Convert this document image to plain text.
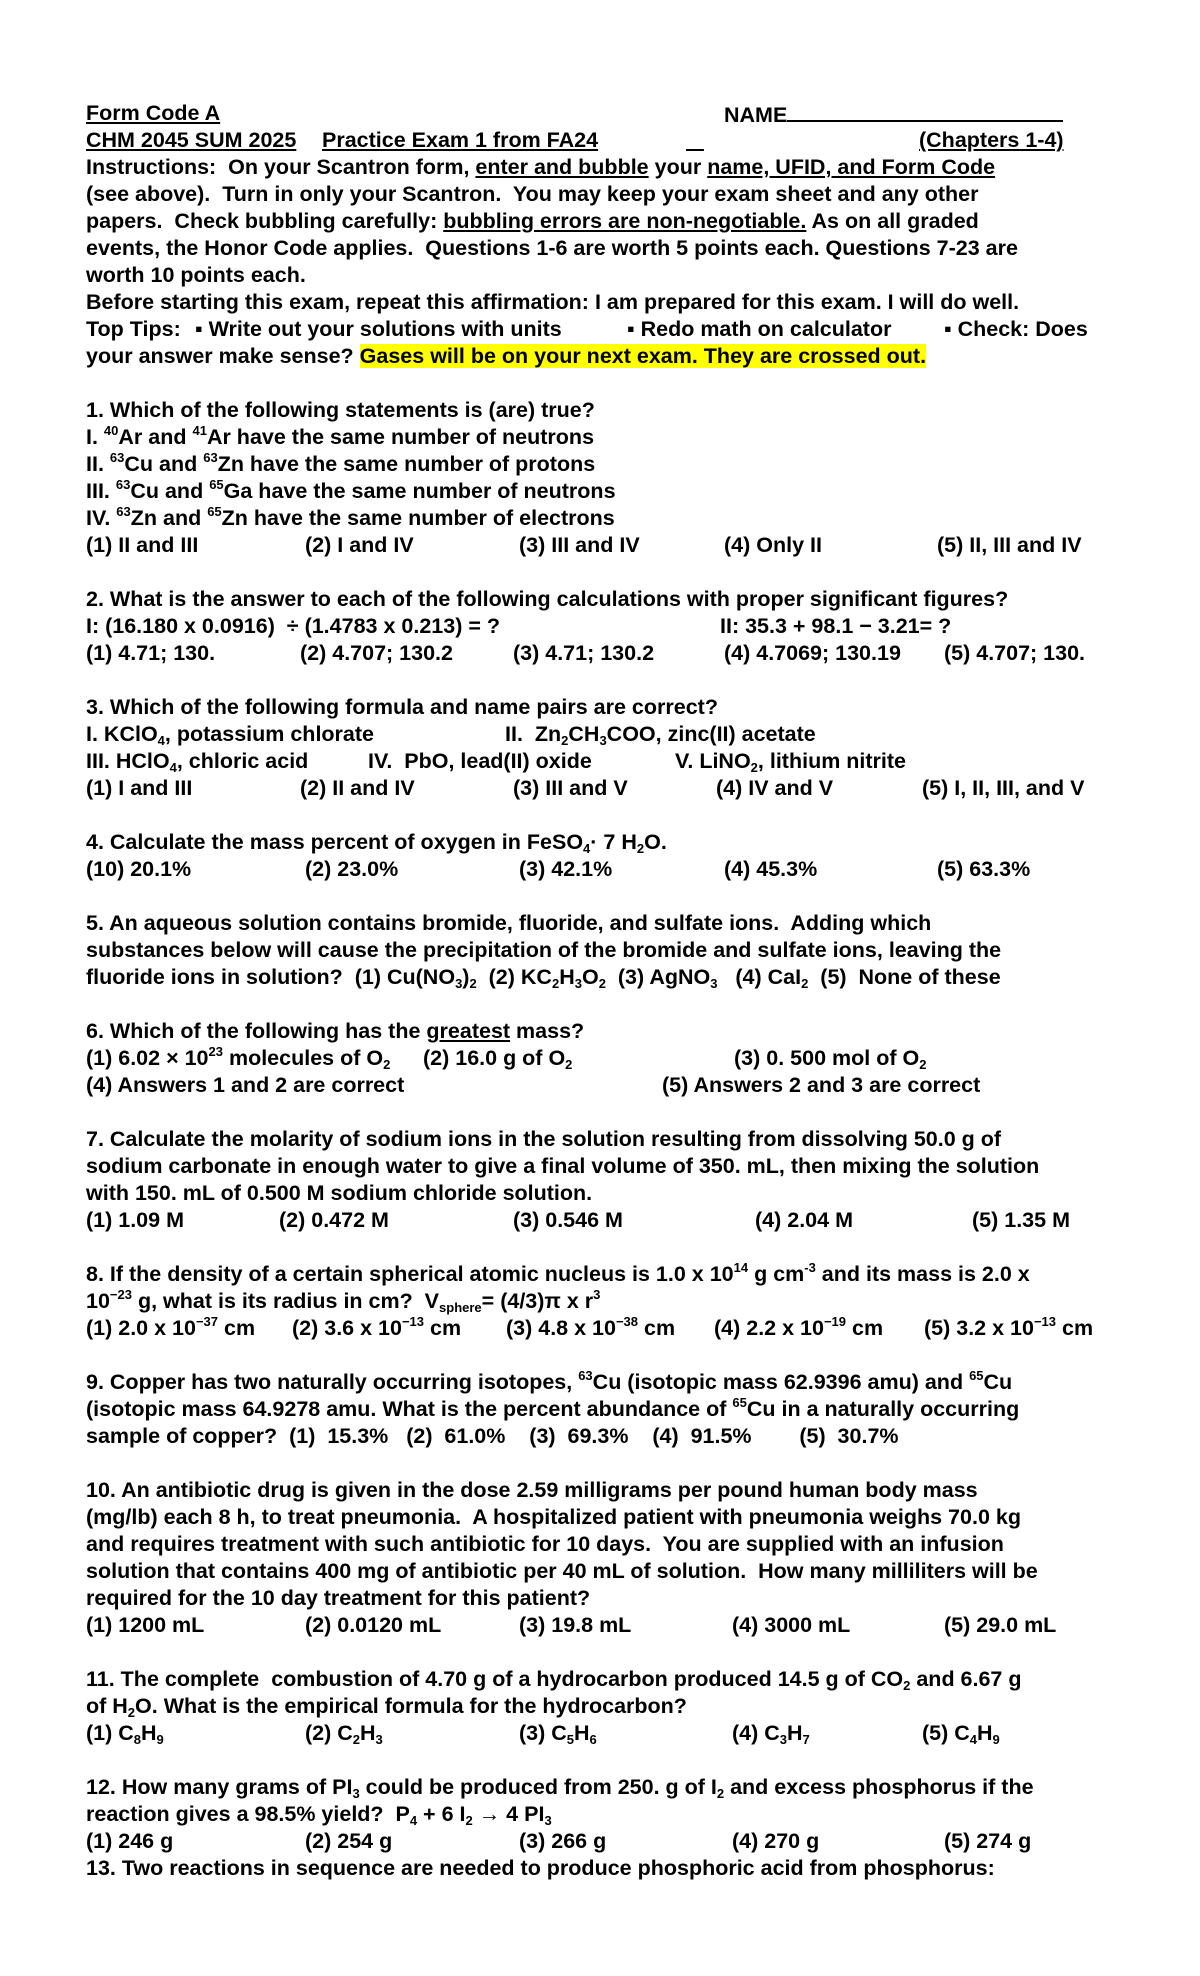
Form Code A	NAME
CHM 2045 SUM 2025 Practice Exam 1 from FA24
	(Chapters 1-4)
Instructions:  On your Scantron form, enter and bubble your name, UFID, and Form Code
(see above).  Turn in only your Scantron.  You may keep your exam sheet and any other
papers.  Check bubbling carefully: bubbling errors are non-negotiable. As on all graded
events, the Honor Code applies.  Questions 1-6 are worth 5 points each. Questions 7-23 are
worth 10 points each.
Before starting this exam, repeat this affirmation: I am prepared for this exam. I will do well.
Top Tips: ▪ Write out your solutions with units	▪ Redo math on calculator ▪ Check: Does
your answer make sense? Gases will be on your next exam. They are crossed out.
1. Which of the following statements is (are) true?
I. $^{40}$Ar and $^{41}$Ar have the same number of neutrons
II. $^{63}$Cu and $^{63}$Zn have the same number of protons
III. $^{63}$Cu and $^{65}$Ga have the same number of neutrons
IV. $^{63}$Zn and $^{65}$Zn have the same number of electrons
(1) II and III	(2) I and IV	(3) III and IV	(4) Only II	(5) II, III and IV
2. What is the answer to each of the following calculations with proper significant figures?
I: (16.180 x 0.0916)  ÷ (1.4783 x 0.213) = ?	II: 35.3 + 98.1 − 3.21= ?
(1) 4.71; 130.	(2) 4.707; 130.2	(3) 4.71; 130.2	(4) 4.7069; 130.19 (5) 4.707; 130.
3. Which of the following formula and name pairs are correct?
I. KClO$_4$, potassium chlorate	II.  $Zn_2CH_3COO$, zinc(II) acetate
III. HClO$_4$, chloric acid	IV.  PbO, lead(II) oxide	V. LiNO$_2$, lithium nitrite
(1) I and III	(2) II and IV	(3) III and V	(4) IV and V	(5) I, II, III, and V
4. Calculate the mass percent of oxygen in FeSO$_4$· 7 $H_2O$.
(10) 20.1%	(2) 23.0%	(3) 42.1%	(4) 45.3%	(5) 63.3%
5. An aqueous solution contains bromide, fluoride, and sulfate ions.  Adding which
substances below will cause the precipitation of the bromide and sulfate ions, leaving the
fluoride ions in solution?  (1) $Cu(NO_3)_2$  (2) $KC_2H_3O_2$  (3) AgNO$_3$   (4) CaI$_2$  (5)  None of these
6. Which of the following has the greatest mass?
(1) $6.02 \times 10^{23}$ molecules of $O_2$ (2) 16.0 g of $O_2$	(3) 0. 500 mol of $O_2$
(4) Answers 1 and 2 are correct	(5) Answers 2 and 3 are correct
7. Calculate the molarity of sodium ions in the solution resulting from dissolving 50.0 g of
sodium carbonate in enough water to give a final volume of 350. mL, then mixing the solution
with 150. mL of 0.500 M sodium chloride solution.
(1) 1.09 M	(2) 0.472 M	(3) 0.546 M	(4) 2.04 M	(5) 1.35 M
8. If the density of a certain spherical atomic nucleus is 1.0 x $10^{14}$ g $cm^{-3}$ and its mass is 2.0 x
$10^{-23}$ g, what is its radius in cm?  $V_{sphere}= (4/3)\pi$ x $r^3$
(1) 2.0 x $10^{-37}$ cm (2) 3.6 x $10^{-13}$ cm (3) 4.8 x $10^{-38}$ cm (4) 2.2 x $10^{-19}$ cm (5) 3.2 x $10^{-13}$ cm
9. Copper has two naturally occurring isotopes, $^{63}$Cu (isotopic mass 62.9396 amu) and $^{65}$Cu
(isotopic mass 64.9278 amu. What is the percent abundance of $^{65}$Cu in a naturally occurring
sample of copper?  (1)  15.3%   (2)  61.0%    (3)  69.3%    (4)  91.5%        (5)  30.7%
10. An antibiotic drug is given in the dose 2.59 milligrams per pound human body mass
(mg/lb) each 8 h, to treat pneumonia.  A hospitalized patient with pneumonia weighs 70.0 kg
and requires treatment with such antibiotic for 10 days.  You are supplied with an infusion
solution that contains 400 mg of antibiotic per 40 mL of solution.  How many milliliters will be
required for the 10 day treatment for this patient?
(1) 1200 mL	(2) 0.0120 mL	(3) 19.8 mL	(4) 3000 mL	(5) 29.0 mL
11. The complete  combustion of 4.70 g of a hydrocarbon produced 14.5 g of $CO_2$ and 6.67 g
of $H_2O$. What is the empirical formula for the hydrocarbon?
(1) $C_8H_9$	(2) $C_2H_3$	(3) $C_5H_6$	(4) $C_3H_7$	(5) $C_4H_9$
12. How many grams of $PI_3$ could be produced from 250. g of $I_2$ and excess phosphorus if the
reaction gives a 98.5% yield?  $P_4 + 6$ $I_2 \to 4$ $PI_3$
(1) 246 g	(2) 254 g	(3) 266 g	(4) 270 g	(5) 274 g
13. Two reactions in sequence are needed to produce phosphoric acid from phosphorus:
